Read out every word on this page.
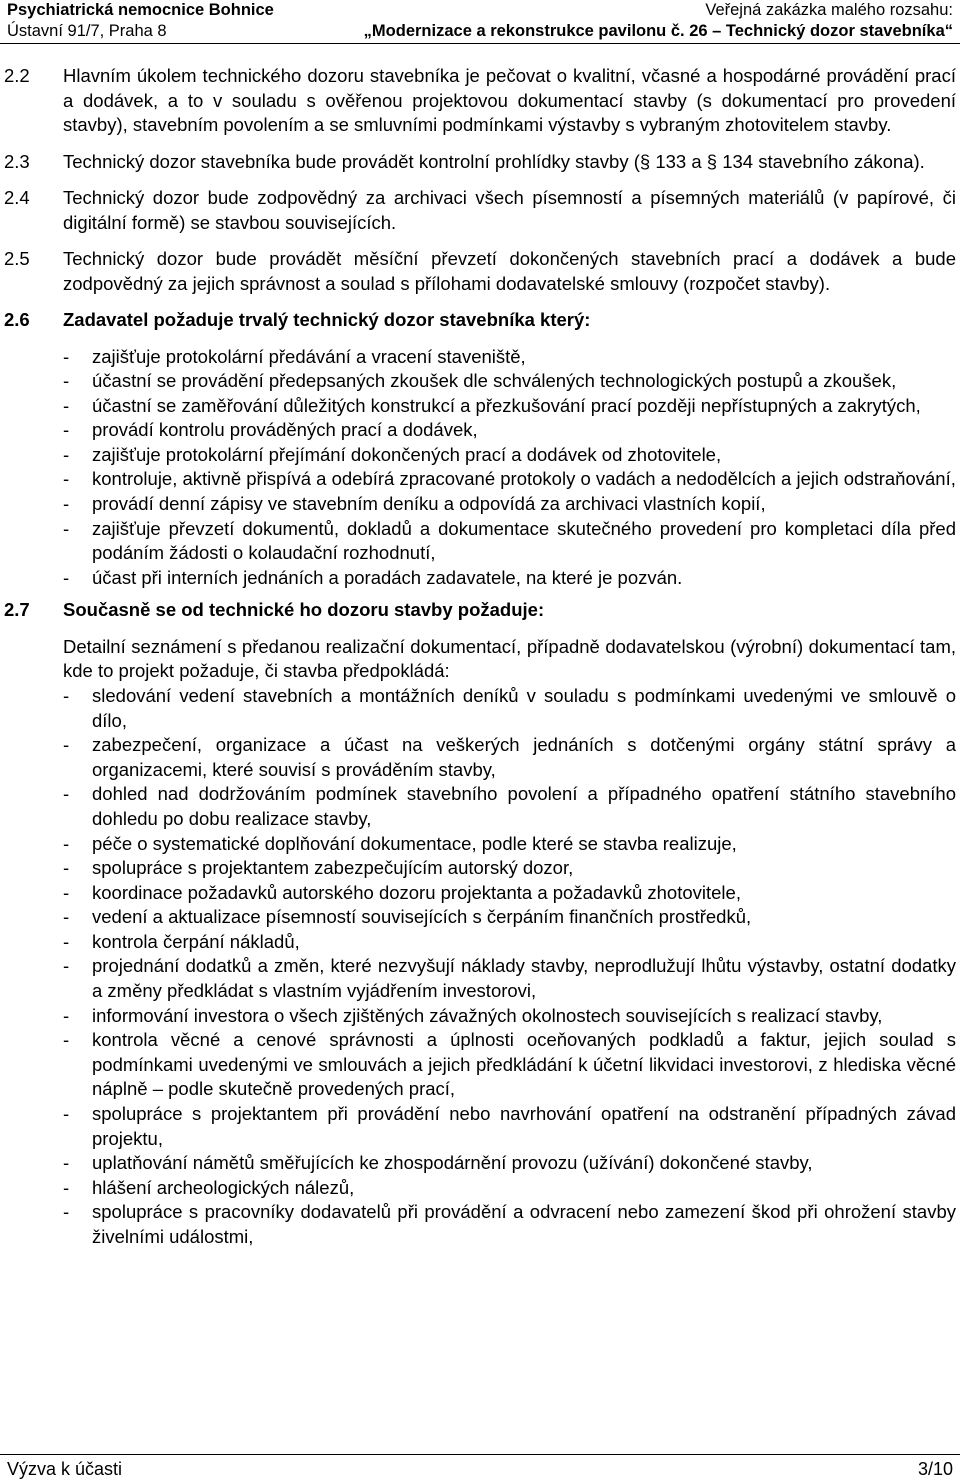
Psychiatrická nemocnice Bohnice
Ústavní 91/7, Praha 8
Veřejná zakázka malého rozsahu:
„Modernizace a rekonstrukce pavilonu č. 26 – Technický dozor stavebníka“
2.2 Hlavním úkolem technického dozoru stavebníka je pečovat o kvalitní, včasné a hospodárné provádění prací a dodávek, a to v souladu s ověřenou projektovou dokumentací stavby (s dokumentací pro provedení stavby), stavebním povolením a se smluvními podmínkami výstavby s vybraným zhotovitelem stavby.
2.3 Technický dozor stavebníka bude provádět kontrolní prohlídky stavby (§ 133 a § 134 stavebního zákona).
2.4 Technický dozor bude zodpovědný za archivaci všech písemností a písemných materiálů (v papírové, či digitální formě) se stavbou souvisejících.
2.5 Technický dozor bude provádět měsíční převzetí dokončených stavebních prací a dodávek a bude zodpovědný za jejich správnost a soulad s přílohami dodavatelské smlouvy (rozpočet stavby).
2.6 Zadavatel požaduje trvalý technický dozor stavebníka který:
- zajišťuje protokolární předávání a vracení staveniště,
- účastní se provádění předepsaných zkoušek dle schválených technologických postupů a zkoušek,
- účastní se zaměřování důležitých konstrukcí a přezkušování prací později nepřístupných a zakrytých,
- provádí kontrolu prováděných prací a dodávek,
- zajišťuje protokolární přejímání dokončených prací a dodávek od zhotovitele,
- kontroluje, aktivně přispívá a odebírá zpracované protokoly o vadách a nedodělcích a jejich odstraňování,
- provádí denní zápisy ve stavebním deníku a odpovídá za archivaci vlastních kopií,
- zajišťuje převzetí dokumentů, dokladů a dokumentace skutečného provedení pro kompletaci díla před podáním žádosti o kolaudační rozhodnutí,
- účast při interních jednáních a poradách zadavatele, na které je pozván.
2.7 Současně se od technické ho dozoru stavby požaduje:
Detailní seznámení s předanou realizační dokumentací, případně dodavatelskou (výrobní) dokumentací tam, kde to projekt požaduje, či stavba předpokládá:
- sledování vedení stavebních a montážních deníků v souladu s podmínkami uvedenými ve smlouvě o dílo,
- zabezpečení, organizace a účast na veškerých jednáních s dotčenými orgány státní správy a organizacemi, které souvisí s prováděním stavby,
- dohled nad dodržováním podmínek stavebního povolení a případného opatření státního stavebního dohledu po dobu realizace stavby,
- péče o systematické doplňování dokumentace, podle které se stavba realizuje,
- spolupráce s projektantem zabezpečujícím autorský dozor,
- koordinace požadavků autorského dozoru projektanta a požadavků zhotovitele,
- vedení a aktualizace písemností souvisejících s čerpáním finančních prostředků,
- kontrola čerpání nákladů,
- projednání dodatků a změn, které nezvyšují náklady stavby, neprodlužují lhůtu výstavby, ostatní dodatky a změny předkládat s vlastním vyjádřením investorovi,
- informování investora o všech zjištěných závažných okolnostech souvisejících s realizací stavby,
- kontrola věcné a cenové správnosti a úplnosti oceňovaných podkladů a faktur, jejich soulad s podmínkami uvedenými ve smlouvách a jejich předkládání k účetní likvidaci investorovi, z hlediska věcné náplně – podle skutečně provedených prací,
- spolupráce s projektantem při provádění nebo navrhování opatření na odstranění případných závad projektu,
- uplatňování námětů směřujících ke zhospodárnění provozu (užívání) dokončené stavby,
- hlášení archeologických nálezů,
- spolupráce s pracovníky dodavatelů při provádění a odvracení nebo zamezení škod při ohrožení stavby živelními událostmi,
Výzva k účasti	3/10
